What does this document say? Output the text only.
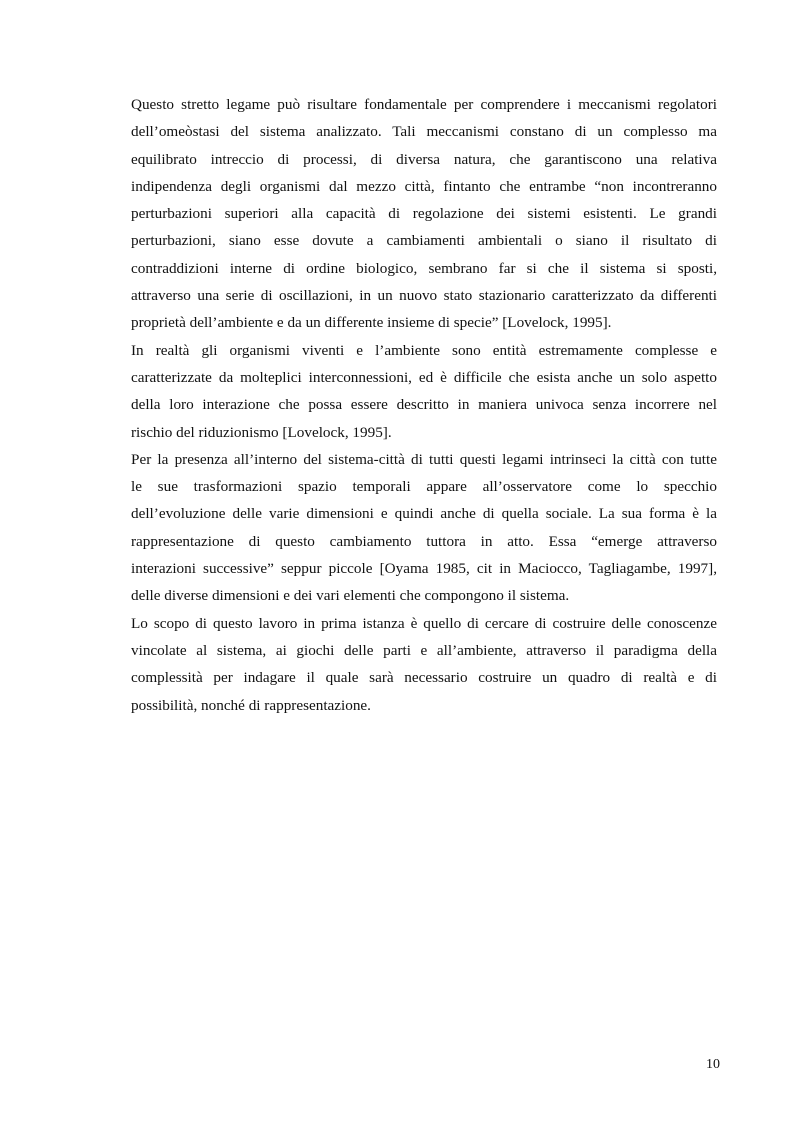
Questo stretto legame può risultare fondamentale per comprendere i meccanismi regolatori
dell’omeòstasi del sistema analizzato. Tali meccanismi constano di un complesso ma
equilibrato intreccio di processi, di diversa natura, che garantiscono una relativa
indipendenza degli organismi dal mezzo città, fintanto che entrambe “non incontreranno
perturbazioni superiori alla capacità di regolazione dei sistemi esistenti. Le grandi
perturbazioni, siano esse dovute a cambiamenti ambientali o siano il risultato di
contraddizioni interne di ordine biologico, sembrano far si che il sistema si sposti,
attraverso una serie di oscillazioni, in un nuovo stato stazionario caratterizzato da differenti
proprietà dell’ambiente e da un differente insieme di specie” [Lovelock, 1995].

In realtà gli organismi viventi e l’ambiente sono entità estremamente complesse e
caratterizzate da molteplici interconnessioni, ed è difficile che esista anche un solo aspetto
della loro interazione che possa essere descritto in maniera univoca senza incorrere nel
rischio del riduzionismo [Lovelock, 1995].

Per la presenza all’interno del sistema-città di tutti questi legami intrinseci la città con tutte
le sue trasformazioni spazio temporali appare all’osservatore come lo specchio
dell’evoluzione delle varie dimensioni e quindi anche di quella sociale. La sua forma è la
rappresentazione di questo cambiamento tuttora in atto. Essa “emerge attraverso
interazioni successive” seppur piccole [Oyama 1985, cit in Maciocco, Tagliagambe, 1997],
delle diverse dimensioni e dei vari elementi che compongono il sistema.

Lo scopo di questo lavoro in prima istanza è quello di cercare di costruire delle conoscenze
vincolate al sistema, ai giochi delle parti e all’ambiente, attraverso il paradigma della
complessità per indagare il quale sarà necessario costruire un quadro di realtà e di
possibilità, nonché di rappresentazione.

10
